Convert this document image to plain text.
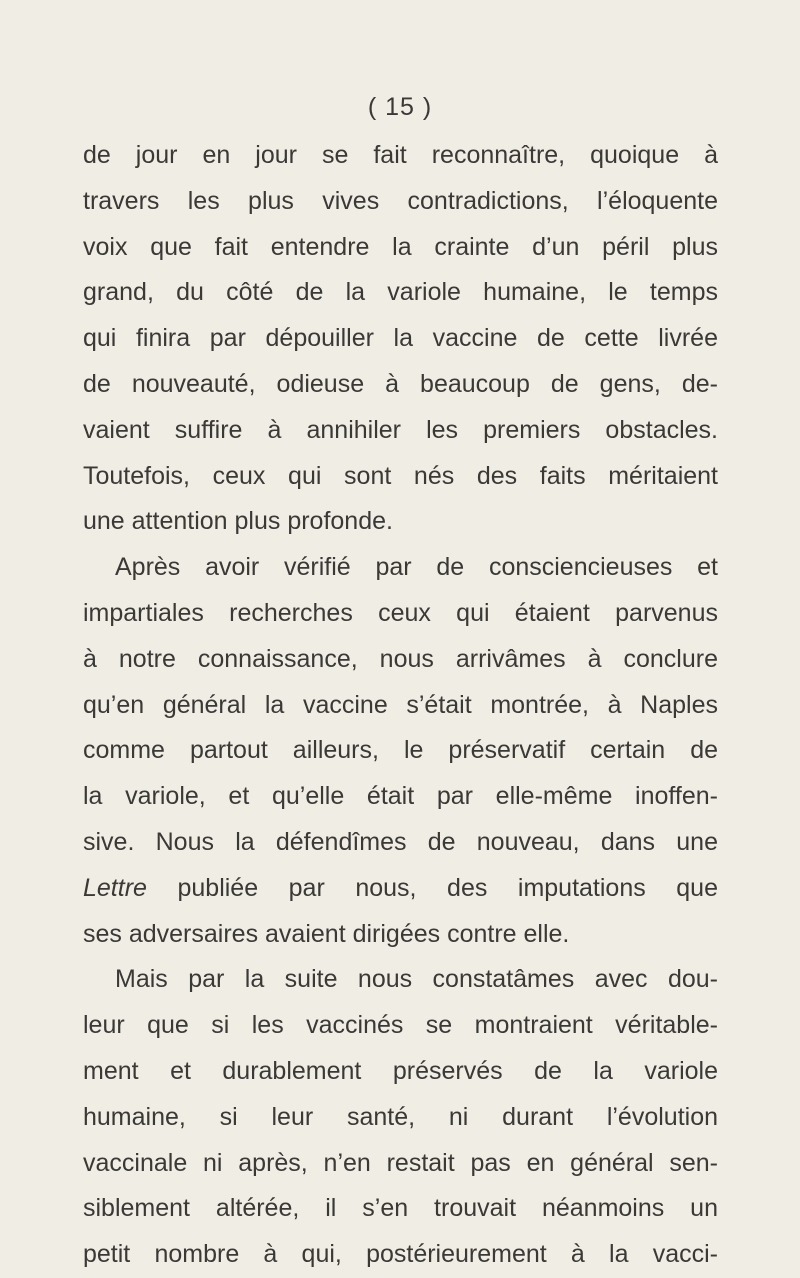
( 15 )
de jour en jour se fait reconnaître, quoique à
travers les plus vives contradictions, l’éloquente
voix que fait entendre la crainte d’un péril plus
grand, du côté de la variole humaine, le temps
qui finira par dépouiller la vaccine de cette livrée
de nouveauté, odieuse à beaucoup de gens, de-
vaient suffire à annihiler les premiers obstacles.
Toutefois, ceux qui sont nés des faits méritaient
une attention plus profonde.
Après avoir vérifié par de consciencieuses et
impartiales recherches ceux qui étaient parvenus
à notre connaissance, nous arrivâmes à conclure
qu’en général la vaccine s’était montrée, à Naples
comme partout ailleurs, le préservatif certain de
la variole, et qu’elle était par elle-même inoffen-
sive. Nous la défendîmes de nouveau, dans une
Lettre publiée par nous, des imputations que
ses adversaires avaient dirigées contre elle.
Mais par la suite nous constatâmes avec dou-
leur que si les vaccinés se montraient véritable-
ment et durablement préservés de la variole
humaine, si leur santé, ni durant l’évolution
vaccinale ni après, n’en restait pas en général sen-
siblement altérée, il s’en trouvait néanmoins un
petit nombre à qui, postérieurement à la vacci-
